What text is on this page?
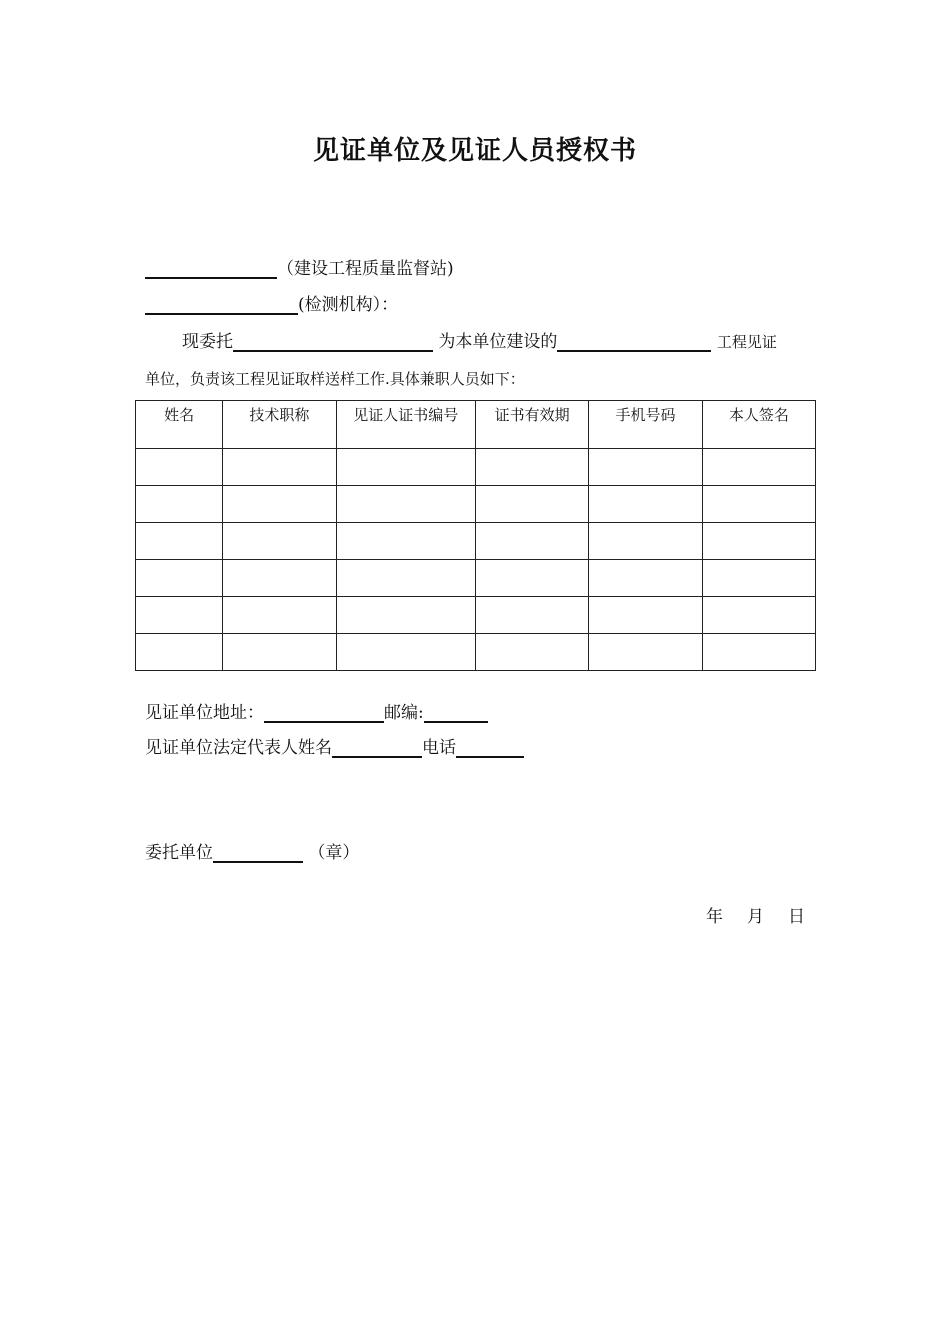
见证单位及见证人员授权书
（建设工程质量监督站)
(检测机构）：
现委托	为本单位建设的	工程见证
单位，负责该工程见证取样送样工作.具体兼职人员如下：
姓名	技术职称	见证人证书编号	证书有效期	手机号码	本人签名

见证单位地址：	邮编:
见证单位法定代表人姓名	电话
委托单位	（章）
年 月 日
